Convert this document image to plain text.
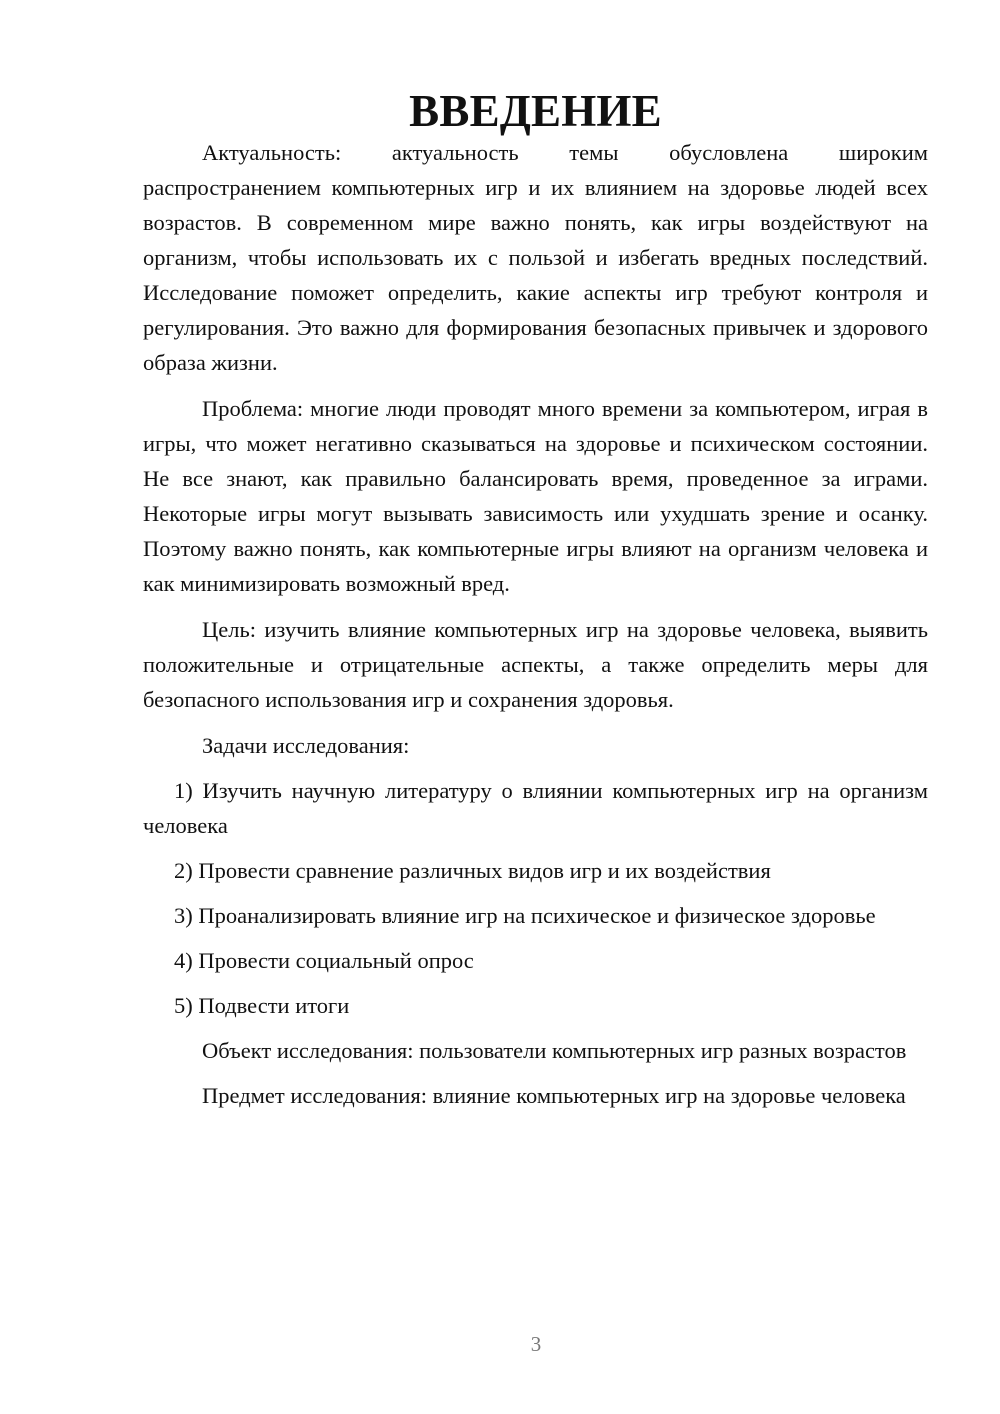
ВВЕДЕНИЕ

Актуальность: актуальность темы обусловлена широким распространением компьютерных игр и их влиянием на здоровье людей всех возрастов. В современном мире важно понять, как игры воздействуют на организм, чтобы использовать их с пользой и избегать вредных последствий. Исследование поможет определить, какие аспекты игр требуют контроля и регулирования. Это важно для формирования безопасных привычек и здорового образа жизни.

Проблема: многие люди проводят много времени за компьютером, играя в игры, что может негативно сказываться на здоровье и психическом состоянии. Не все знают, как правильно балансировать время, проведенное за играми. Некоторые игры могут вызывать зависимость или ухудшать зрение и осанку. Поэтому важно понять, как компьютерные игры влияют на организм человека и как минимизировать возможный вред.

Цель: изучить влияние компьютерных игр на здоровье человека, выявить положительные и отрицательные аспекты, а также определить меры для безопасного использования игр и сохранения здоровья.

Задачи исследования:

1) Изучить научную литературу о влиянии компьютерных игр на организм человека

2) Провести сравнение различных видов игр и их воздействия

3) Проанализировать влияние игр на психическое и физическое здоровье

4) Провести социальный опрос

5) Подвести итоги

Объект исследования: пользователи компьютерных игр разных возрастов

Предмет исследования: влияние компьютерных игр на здоровье человека

3
